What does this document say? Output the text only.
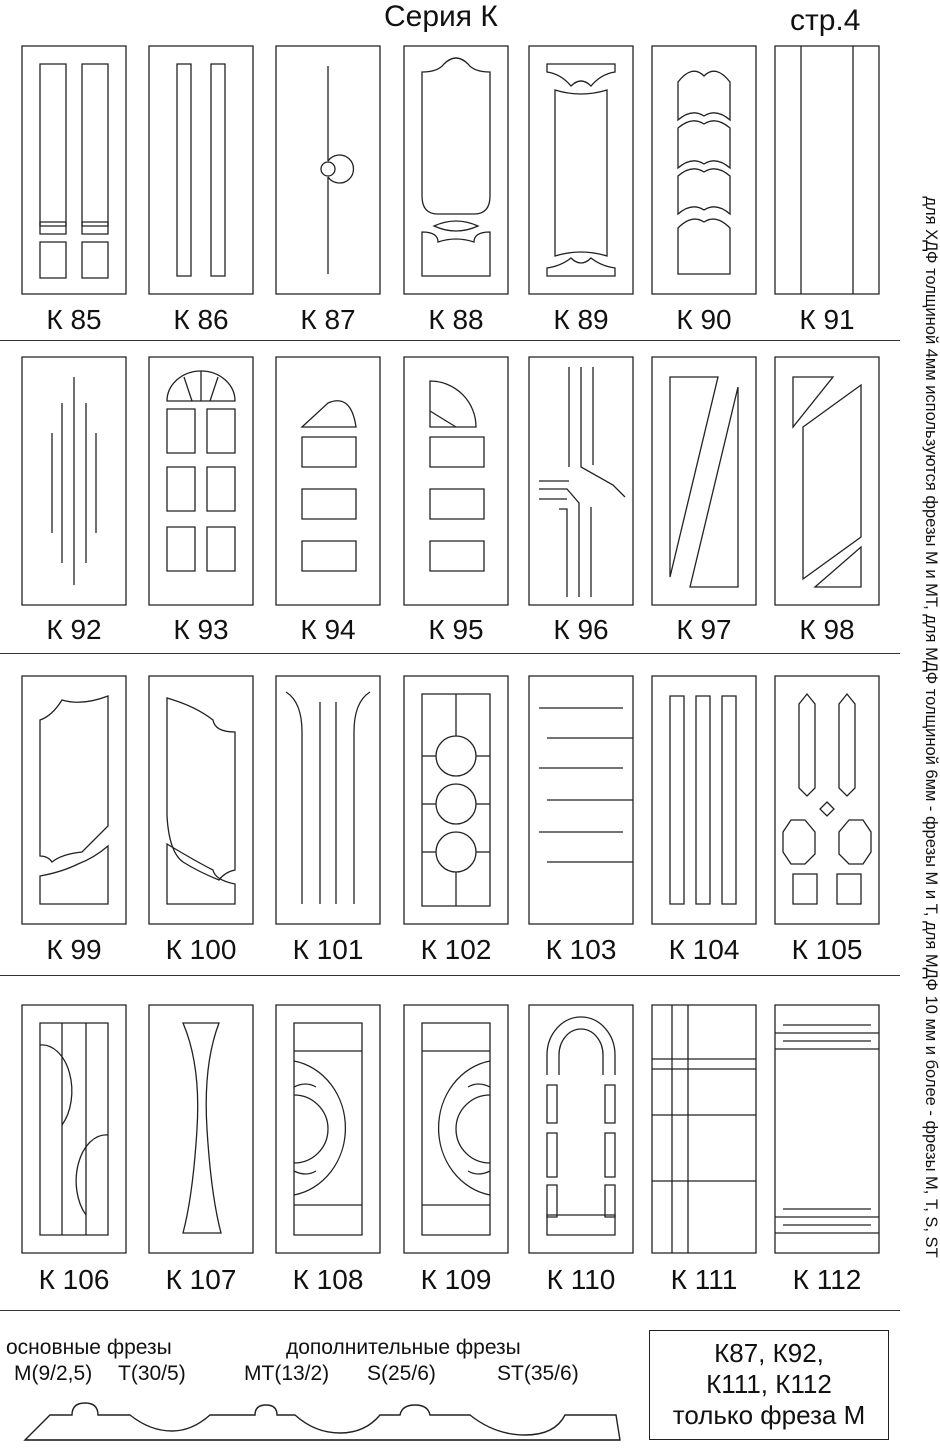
Серия К	стр.4
для ХДФ толщиной 4мм используются фрезы М и МТ, для МДФ толщиной 6мм - фрезы М и Т, для МДФ 10 мм и более - фрезы М, Т, S, ST
К 85	К 86	К 87	К 88	К 89	К 90	К 91
К 92	К 93	К 94	К 95	К 96	К 97	К 98
К 99	К 100	К 101	К 102	К 103	К 104	К 105
К 106	К 107	К 108	К 109	К 110	К 111	К 112
основные фрезы
М(9/2,5) Т(30/5)
дополнительные фрезы
МТ(13/2) S(25/6)	ST(35/6)
К87, К92,
К111, К112
только фреза М
